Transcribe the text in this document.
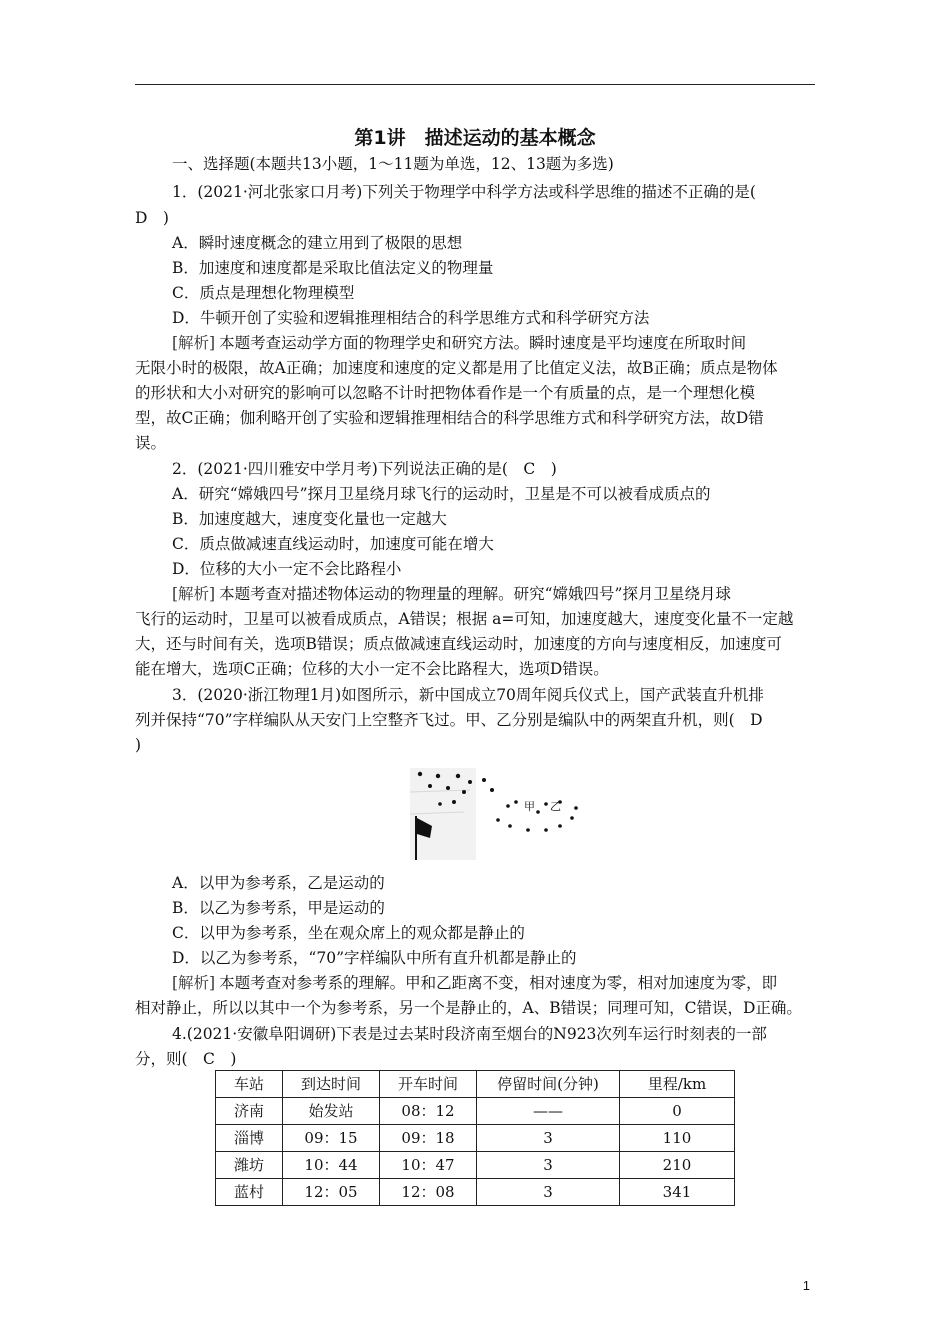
第1讲　描述运动的基本概念
一、选择题(本题共13小题，1～11题为单选，12、13题为多选)
1．(2021·河北张家口月考)下列关于物理学中科学方法或科学思维的描述不正确的是(
D　)
A．瞬时速度概念的建立用到了极限的思想
B．加速度和速度都是采取比值法定义的物理量
C．质点是理想化物理模型
D．牛顿开创了实验和逻辑推理相结合的科学思维方式和科学研究方法
[解析] 本题考查运动学方面的物理学史和研究方法。瞬时速度是平均速度在所取时间
无限小时的极限，故A正确；加速度和速度的定义都是用了比值定义法，故B正确；质点是物体
的形状和大小对研究的影响可以忽略不计时把物体看作是一个有质量的点，是一个理想化模
型，故C正确；伽利略开创了实验和逻辑推理相结合的科学思维方式和科学研究方法，故D错
误。
2．(2021·四川雅安中学月考)下列说法正确的是(　C　)
A．研究“嫦娥四号”探月卫星绕月球飞行的运动时，卫星是不可以被看成质点的
B．加速度越大，速度变化量也一定越大
C．质点做减速直线运动时，加速度可能在增大
D．位移的大小一定不会比路程小
[解析] 本题考查对描述物体运动的物理量的理解。研究“嫦娥四号”探月卫星绕月球
飞行的运动时，卫星可以被看成质点，A错误；根据 a=可知，加速度越大，速度变化量不一定越
大，还与时间有关，选项B错误；质点做减速直线运动时，加速度的方向与速度相反，加速度可
能在增大，选项C正确；位移的大小一定不会比路程大，选项D错误。
3．(2020·浙江物理1月)如图所示，新中国成立70周年阅兵仪式上，国产武装直升机排
列并保持“70”字样编队从天安门上空整齐飞过。甲、乙分别是编队中的两架直升机，则(　D
)
甲 乙
A．以甲为参考系，乙是运动的
B．以乙为参考系，甲是运动的
C．以甲为参考系，坐在观众席上的观众都是静止的
D．以乙为参考系，“70”字样编队中所有直升机都是静止的
[解析] 本题考查对参考系的理解。甲和乙距离不变，相对速度为零，相对加速度为零，即
相对静止，所以以其中一个为参考系，另一个是静止的，A、B错误；同理可知，C错误，D正确。
4.(2021·安徽阜阳调研)下表是过去某时段济南至烟台的N923次列车运行时刻表的一部
分，则(　C　)
车站	到达时间	开车时间	停留时间(分钟)	里程/km
济南	始发站	08：12	——	0
淄博	09：15	09：18	3	110
潍坊	10：44	10：47	3	210
蓝村	12：05	12：08	3	341
1
